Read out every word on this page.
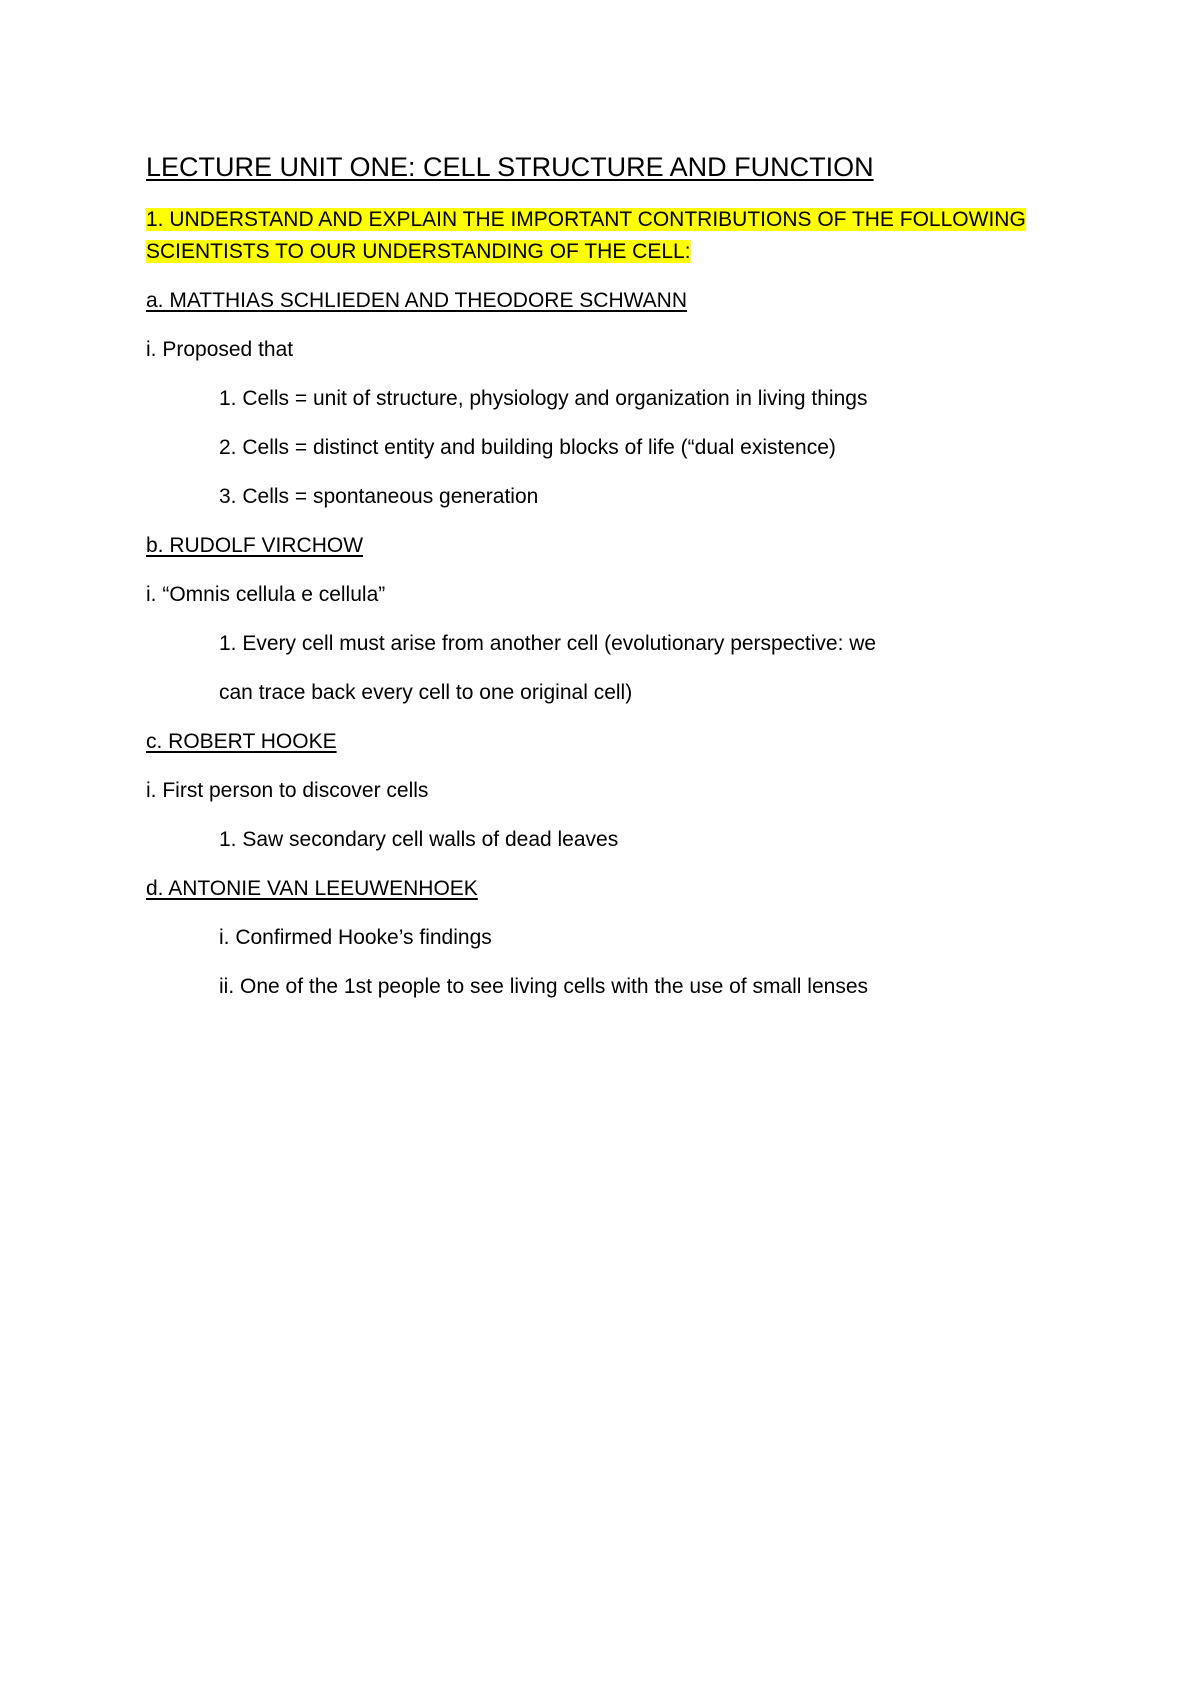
LECTURE UNIT ONE: CELL STRUCTURE AND FUNCTION
1. UNDERSTAND AND EXPLAIN THE IMPORTANT CONTRIBUTIONS OF THE FOLLOWING
SCIENTISTS TO OUR UNDERSTANDING OF THE CELL:
a. MATTHIAS SCHLIEDEN AND THEODORE SCHWANN
i. Proposed that
1. Cells = unit of structure, physiology and organization in living things
2. Cells = distinct entity and building blocks of life (“dual existence)
3. Cells = spontaneous generation
b. RUDOLF VIRCHOW
i. “Omnis cellula e cellula”
1. Every cell must arise from another cell (evolutionary perspective: we
can trace back every cell to one original cell)
c. ROBERT HOOKE
i. First person to discover cells
1. Saw secondary cell walls of dead leaves
d. ANTONIE VAN LEEUWENHOEK
i. Confirmed Hooke’s findings
ii. One of the 1st people to see living cells with the use of small lenses
